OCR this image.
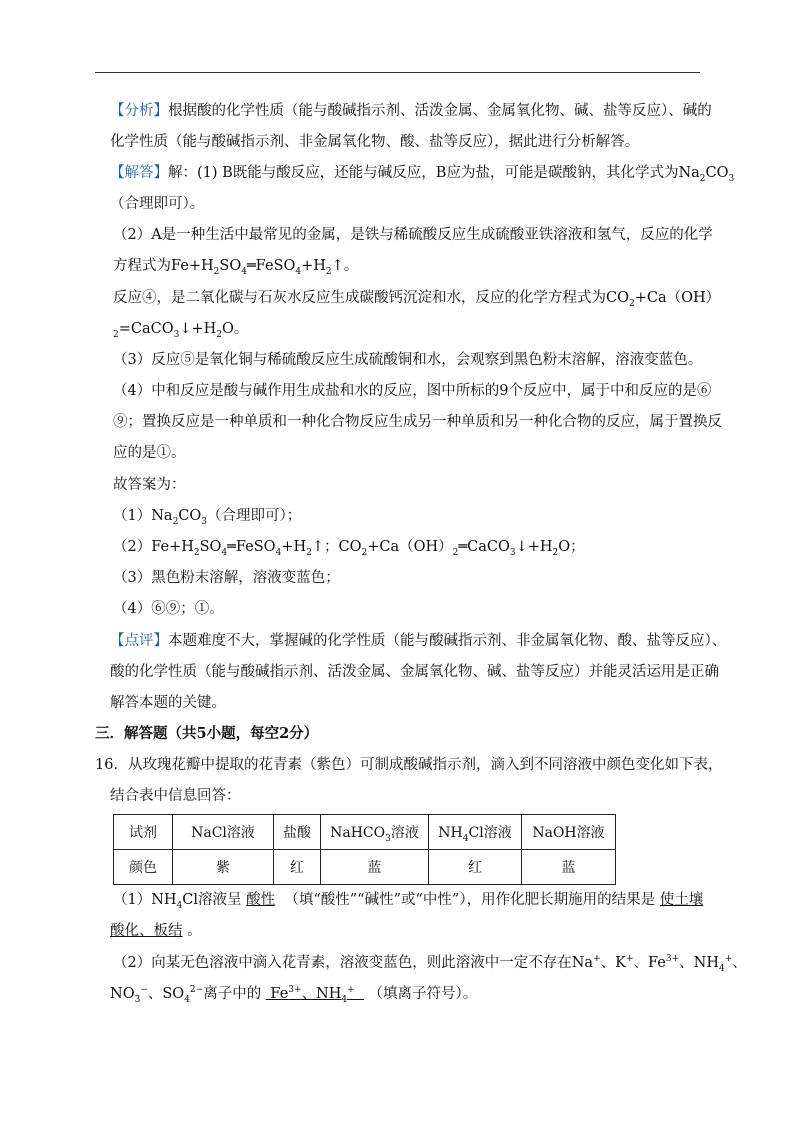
【分析】根据酸的化学性质（能与酸碱指示剂、活泼金属、金属氧化物、碱、盐等反应）、碱的
化学性质（能与酸碱指示剂、非金属氧化物、酸、盐等反应），据此进行分析解答。
【解答】解：(1) B既能与酸反应，还能与碱反应，B应为盐，可能是碳酸钠，其化学式为$Na_2CO_3$
（合理即可）。
（2）A是一种生活中最常见的金属，是铁与稀硫酸反应生成硫酸亚铁溶液和氢气，反应的化学
方程式为$Fe+H_2SO_4═FeSO_4+H_2↑$。
反应④，是二氧化碳与石灰水反应生成碳酸钙沉淀和水，反应的化学方程式为$CO_2+Ca(OH)$
$_2=CaCO_3↓+H_2O$。
（3）反应⑤是氧化铜与稀硫酸反应生成硫酸铜和水，会观察到黑色粉末溶解，溶液变蓝色。
（4）中和反应是酸与碱作用生成盐和水的反应，图中所标的9个反应中，属于中和反应的是⑥
⑨；置换反应是一种单质和一种化合物反应生成另一种单质和另一种化合物的反应，属于置换反
应的是①。
故答案为：
$(1)Na_2CO_3$（合理即可）；
$(2)Fe+H_2SO_4═FeSO_4+H_2↑$；$CO_2+Ca(OH)_2═CaCO_3↓+H_2O$；
（3）黑色粉末溶解，溶液变蓝色；
（4）⑥⑨；①。
【点评】本题难度不大，掌握碱的化学性质（能与酸碱指示剂、非金属氧化物、酸、盐等反应）、
酸的化学性质（能与酸碱指示剂、活泼金属、金属氧化物、碱、盐等反应）并能灵活运用是正确
解答本题的关键。
三．解答题（共5小题，每空2分）
16．从玫瑰花瓣中提取的花青素（紫色）可制成酸碱指示剂，滴入到不同溶液中颜色变化如下表，
结合表中信息回答：
试剂	NaCl溶液	盐酸	NaHCO$_3$溶液	$NH_4Cl$溶液	NaOH溶液
颜色	紫	红	蓝	红	蓝
$(1)NH_4Cl$溶液呈 酸性 （填“酸性”“碱性”或“中性”），用作化肥长期施用的结果是 使土壤
酸化、板结 。
（2）向某无色溶液中滴入花青素，溶液变蓝色，则此溶液中一定不存在Na+、K+、$Fe^{3+}$、$NH_4^+$、
$NO_3^-$、$SO_4^{2-}$离子中的 $Fe^{3+}$、$NH_4^+$ （填离子符号）。
